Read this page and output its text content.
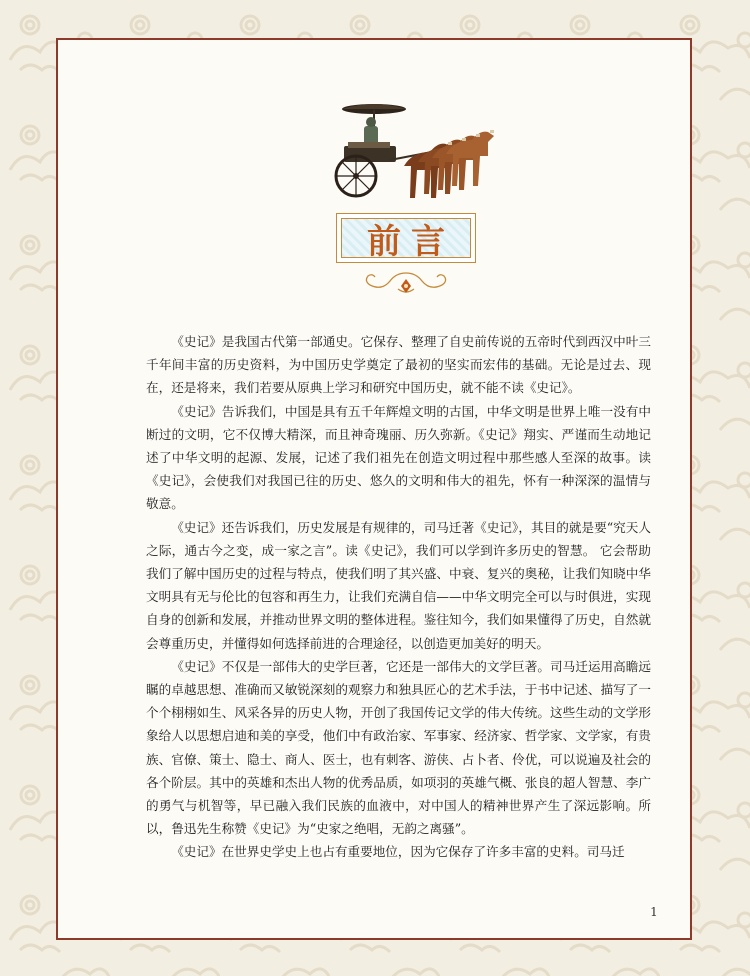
前言

《史记》是我国古代第一部通史。它保存、整理了自史前传说的五帝时代到西汉中叶三千年间丰富的历史资料，为中国历史学奠定了最初的坚实而宏伟的基础。无论是过去、现在，还是将来，我们若要从原典上学习和研究中国历史，就不能不读《史记》。

《史记》告诉我们，中国是具有五千年辉煌文明的古国，中华文明是世界上唯一没有中断过的文明，它不仅博大精深，而且神奇瑰丽、历久弥新。《史记》翔实、严谨而生动地记述了中华文明的起源、发展，记述了我们祖先在创造文明过程中那些感人至深的故事。读《史记》，会使我们对我国已往的历史、悠久的文明和伟大的祖先，怀有一种深深的温情与敬意。

《史记》还告诉我们，历史发展是有规律的，司马迁著《史记》，其目的就是要“究天人之际，通古今之变，成一家之言”。读《史记》，我们可以学到许多历史的智慧。 它会帮助我们了解中国历史的过程与特点，使我们明了其兴盛、中衰、复兴的奥秘，让我们知晓中华文明具有无与伦比的包容和再生力，让我们充满自信——中华文明完全可以与时俱进，实现自身的创新和发展，并推动世界文明的整体进程。鉴往知今，我们如果懂得了历史，自然就会尊重历史，并懂得如何选择前进的合理途径，以创造更加美好的明天。

《史记》不仅是一部伟大的史学巨著，它还是一部伟大的文学巨著。司马迁运用高瞻远瞩的卓越思想、准确而又敏锐深刻的观察力和独具匠心的艺术手法，于书中记述、描写了一个个栩栩如生、风采各异的历史人物，开创了我国传记文学的伟大传统。这些生动的文学形象给人以思想启迪和美的享受，他们中有政治家、军事家、经济家、哲学家、文学家，有贵族、官僚、策士、隐士、商人、医士，也有刺客、游侠、占卜者、伶优，可以说遍及社会的各个阶层。其中的英雄和杰出人物的优秀品质，如项羽的英雄气概、张良的超人智慧、李广的勇气与机智等，早已融入我们民族的血液中，对中国人的精神世界产生了深远影响。所以，鲁迅先生称赞《史记》为“史家之绝唱，无韵之离骚”。

《史记》在世界史学史上也占有重要地位，因为它保存了许多丰富的史料。司马迁

1
